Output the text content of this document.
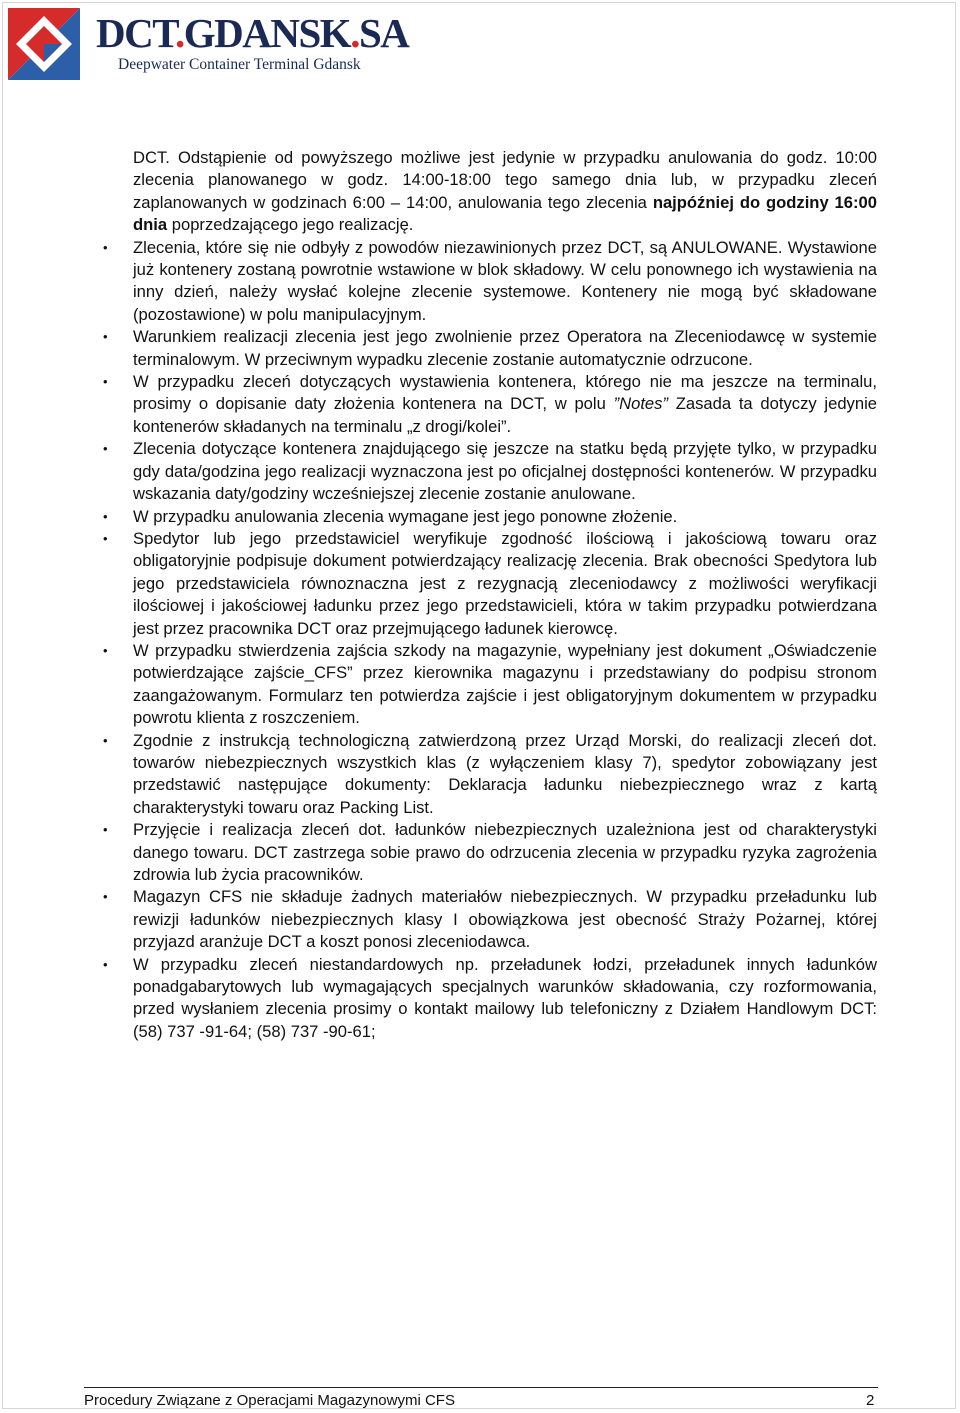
DCT.GDANSK.SA
Deepwater Container Terminal Gdansk

DCT. Odstąpienie od powyższego możliwe jest jedynie w przypadku anulowania do godz. 10:00 zlecenia planowanego w godz. 14:00-18:00 tego samego dnia lub, w przypadku zleceń zaplanowanych w godzinach 6:00 – 14:00, anulowania tego zlecenia najpóźniej do godziny 16:00 dnia poprzedzającego jego realizację.

• Zlecenia, które się nie odbyły z powodów niezawinionych przez DCT, są ANULOWANE. Wystawione już kontenery zostaną powrotnie wstawione w blok składowy. W celu ponownego ich wystawienia na inny dzień, należy wysłać kolejne zlecenie systemowe. Kontenery nie mogą być składowane (pozostawione) w polu manipulacyjnym.
• Warunkiem realizacji zlecenia jest jego zwolnienie przez Operatora na Zleceniodawcę w systemie terminalowym. W przeciwnym wypadku zlecenie zostanie automatycznie odrzucone.
• W przypadku zleceń dotyczących wystawienia kontenera, którego nie ma jeszcze na terminalu, prosimy o dopisanie daty złożenia kontenera na DCT, w polu ”Notes” Zasada ta dotyczy jedynie kontenerów składanych na terminalu „z drogi/kolei”.
• Zlecenia dotyczące kontenera znajdującego się jeszcze na statku będą przyjęte tylko, w przypadku gdy data/godzina jego realizacji wyznaczona jest po oficjalnej dostępności kontenerów. W przypadku wskazania daty/godziny wcześniejszej zlecenie zostanie anulowane.
• W przypadku anulowania zlecenia wymagane jest jego ponowne złożenie.
• Spedytor lub jego przedstawiciel weryfikuje zgodność ilościową i jakościową towaru oraz obligatoryjnie podpisuje dokument potwierdzający realizację zlecenia. Brak obecności Spedytora lub jego przedstawiciela równoznaczna jest z rezygnacją zleceniodawcy z możliwości weryfikacji ilościowej i jakościowej ładunku przez jego przedstawicieli, która w takim przypadku potwierdzana jest przez pracownika DCT oraz przejmującego ładunek kierowcę.
• W przypadku stwierdzenia zajścia szkody na magazynie, wypełniany jest dokument „Oświadczenie potwierdzające zajście_CFS” przez kierownika magazynu i przedstawiany do podpisu stronom zaangażowanym. Formularz ten potwierdza zajście i jest obligatoryjnym dokumentem w przypadku powrotu klienta z roszczeniem.
• Zgodnie z instrukcją technologiczną zatwierdzoną przez Urząd Morski, do realizacji zleceń dot. towarów niebezpiecznych wszystkich klas (z wyłączeniem klasy 7), spedytor zobowiązany jest przedstawić następujące dokumenty: Deklaracja ładunku niebezpiecznego wraz z kartą charakterystyki towaru oraz Packing List.
• Przyjęcie i realizacja zleceń dot. ładunków niebezpiecznych uzależniona jest od charakterystyki danego towaru. DCT zastrzega sobie prawo do odrzucenia zlecenia w przypadku ryzyka zagrożenia zdrowia lub życia pracowników.
• Magazyn CFS nie składuje żadnych materiałów niebezpiecznych. W przypadku przeładunku lub rewizji ładunków niebezpiecznych klasy I obowiązkowa jest obecność Straży Pożarnej, której przyjazd aranżuje DCT a koszt ponosi zleceniodawca.
• W przypadku zleceń niestandardowych np. przeładunek łodzi, przeładunek innych ładunków ponadgabarytowych lub wymagających specjalnych warunków składowania, czy rozformowania, przed wysłaniem zlecenia prosimy o kontakt mailowy lub telefoniczny z Działem Handlowym DCT: (58) 737 -91-64; (58) 737 -90-61;
Procedury Związane z Operacjami Magazynowymi CFS	2
